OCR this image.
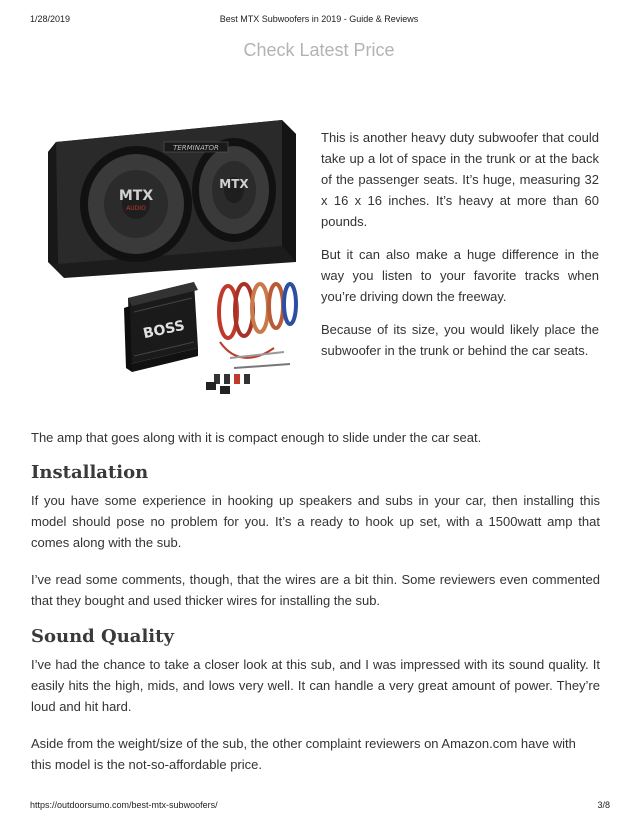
1/28/2019	Best MTX Subwoofers in 2019 - Guide & Reviews
Check Latest Price
MTX
AUDIO
MTX
TERMINATOR
BOSS

This is another heavy duty subwoofer that could take up a lot of space in the trunk or at the back of the passenger seats. It’s huge, measuring 32 x 16 x 16 inches. It’s heavy at more than 60 pounds.

But it can also make a huge difference in the way you listen to your favorite tracks when you’re driving down the freeway.

Because of its size, you would likely place the subwoofer in the trunk or behind the car seats.

The amp that goes along with it is compact enough to slide under the car seat.

Installation

If you have some experience in hooking up speakers and subs in your car, then installing this model should pose no problem for you. It’s a ready to hook up set, with a 1500watt amp that comes along with the sub.

I’ve read some comments, though, that the wires are a bit thin. Some reviewers even commented that they bought and used thicker wires for installing the sub.

Sound Quality

I’ve had the chance to take a closer look at this sub, and I was impressed with its sound quality. It easily hits the high, mids, and lows very well. It can handle a very great amount of power. They’re loud and hit hard.

Aside from the weight/size of the sub, the other complaint reviewers on Amazon.com have with this model is the not-so-affordable price.

https://outdoorsumo.com/best-mtx-subwoofers/	3/8
